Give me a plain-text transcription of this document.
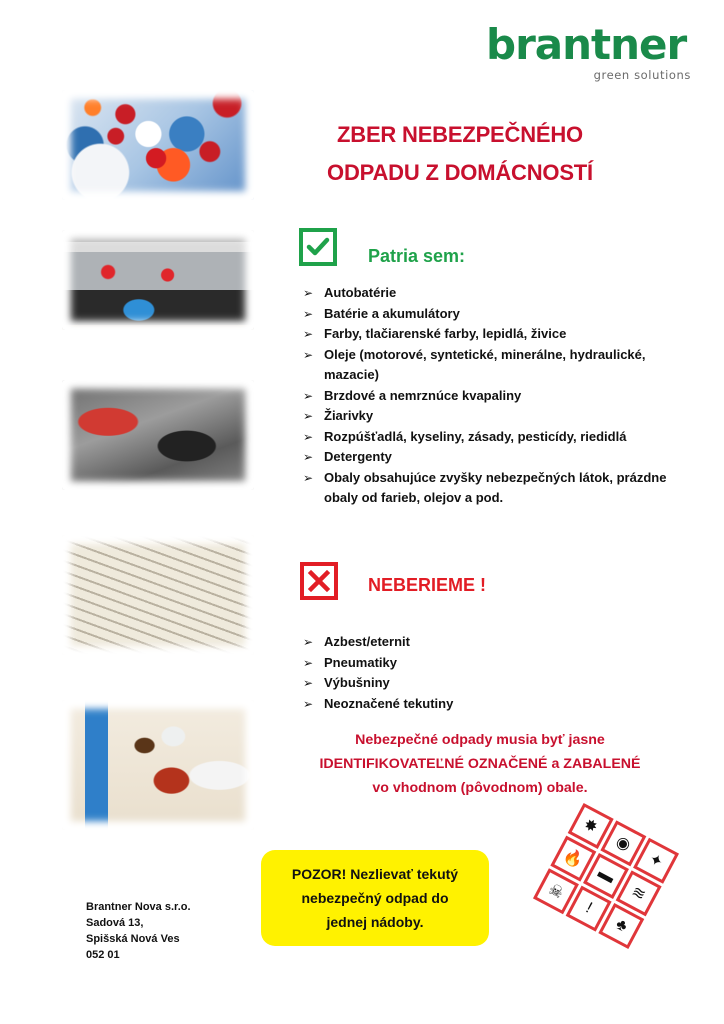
brantner
green solutions
ZBER NEBEZPEČNÉHO
ODPADU Z DOMÁCNOSTÍ
Patria sem:
➢ Autobatérie
➢ Batérie a akumulátory
➢ Farby, tlačiarenské farby, lepidlá, živice
➢ Oleje (motorové, syntetické, minerálne, hydraulické, mazacie)
➢ Brzdové a nemrznúce kvapaliny
➢ Žiarivky
➢ Rozpúšťadlá, kyseliny, zásady, pesticídy, riedidlá
➢ Detergenty
➢ Obaly obsahujúce zvyšky nebezpečných látok, prázdne obaly od farieb, olejov a pod.
NEBERIEME !
➢ Azbest/eternit
➢ Pneumatiky
➢ Výbušniny
➢ Neoznačené tekutiny
Nebezpečné odpady musia byť jasne
IDENTIFIKOVATEĽNÉ OZNAČENÉ a ZABALENÉ
vo vhodnom (pôvodnom) obale.
POZOR! Nezlievať tekutý
nebezpečný odpad do
jednej nádoby.
Brantner Nova s.r.o.
Sadová 13,
Spišská Nová Ves
052 01
✸
◉
✦
🔥
▬
≋
☠
!
♣
